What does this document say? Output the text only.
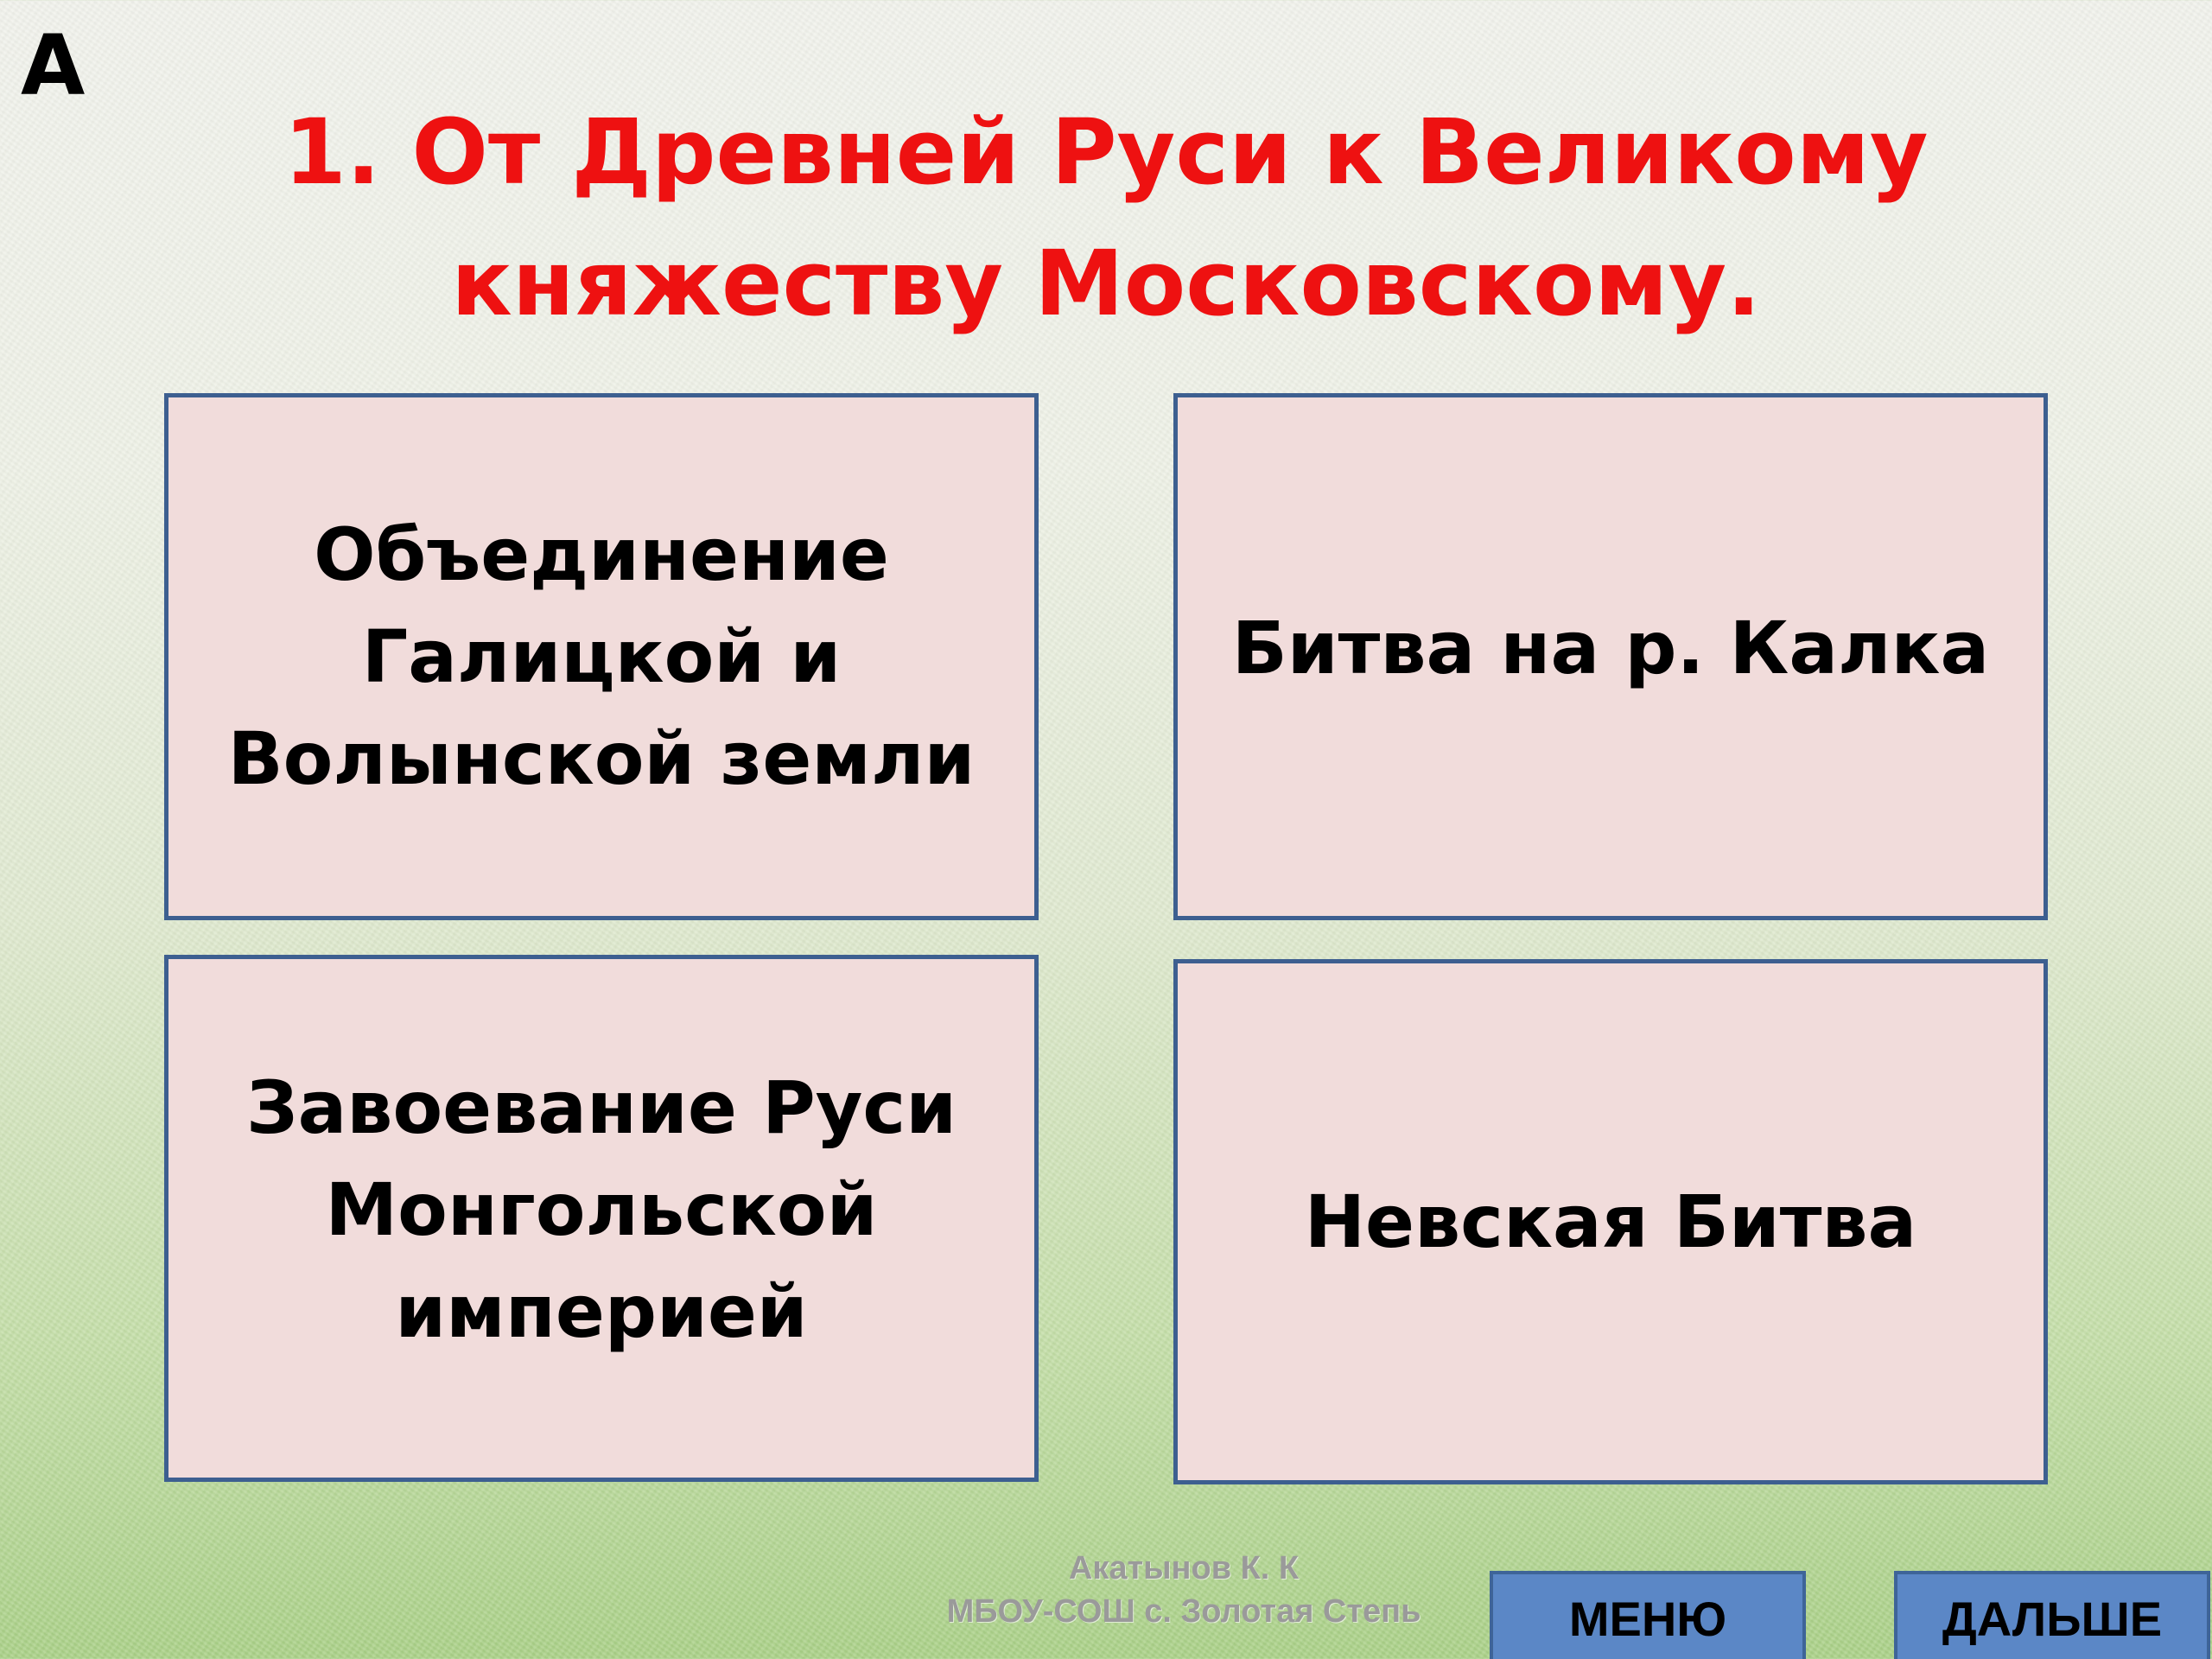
А
1. От Древней Руси к Великому
княжеству Московскому.
Объединение
Галицкой и
Волынской земли
Битва на р. Калка
Завоевание Руси
Монгольской
империей
Невская Битва
Акатынов К. К
МБОУ-СОШ с. Золотая Степь	МЕНЮ	ДАЛЬШЕ
